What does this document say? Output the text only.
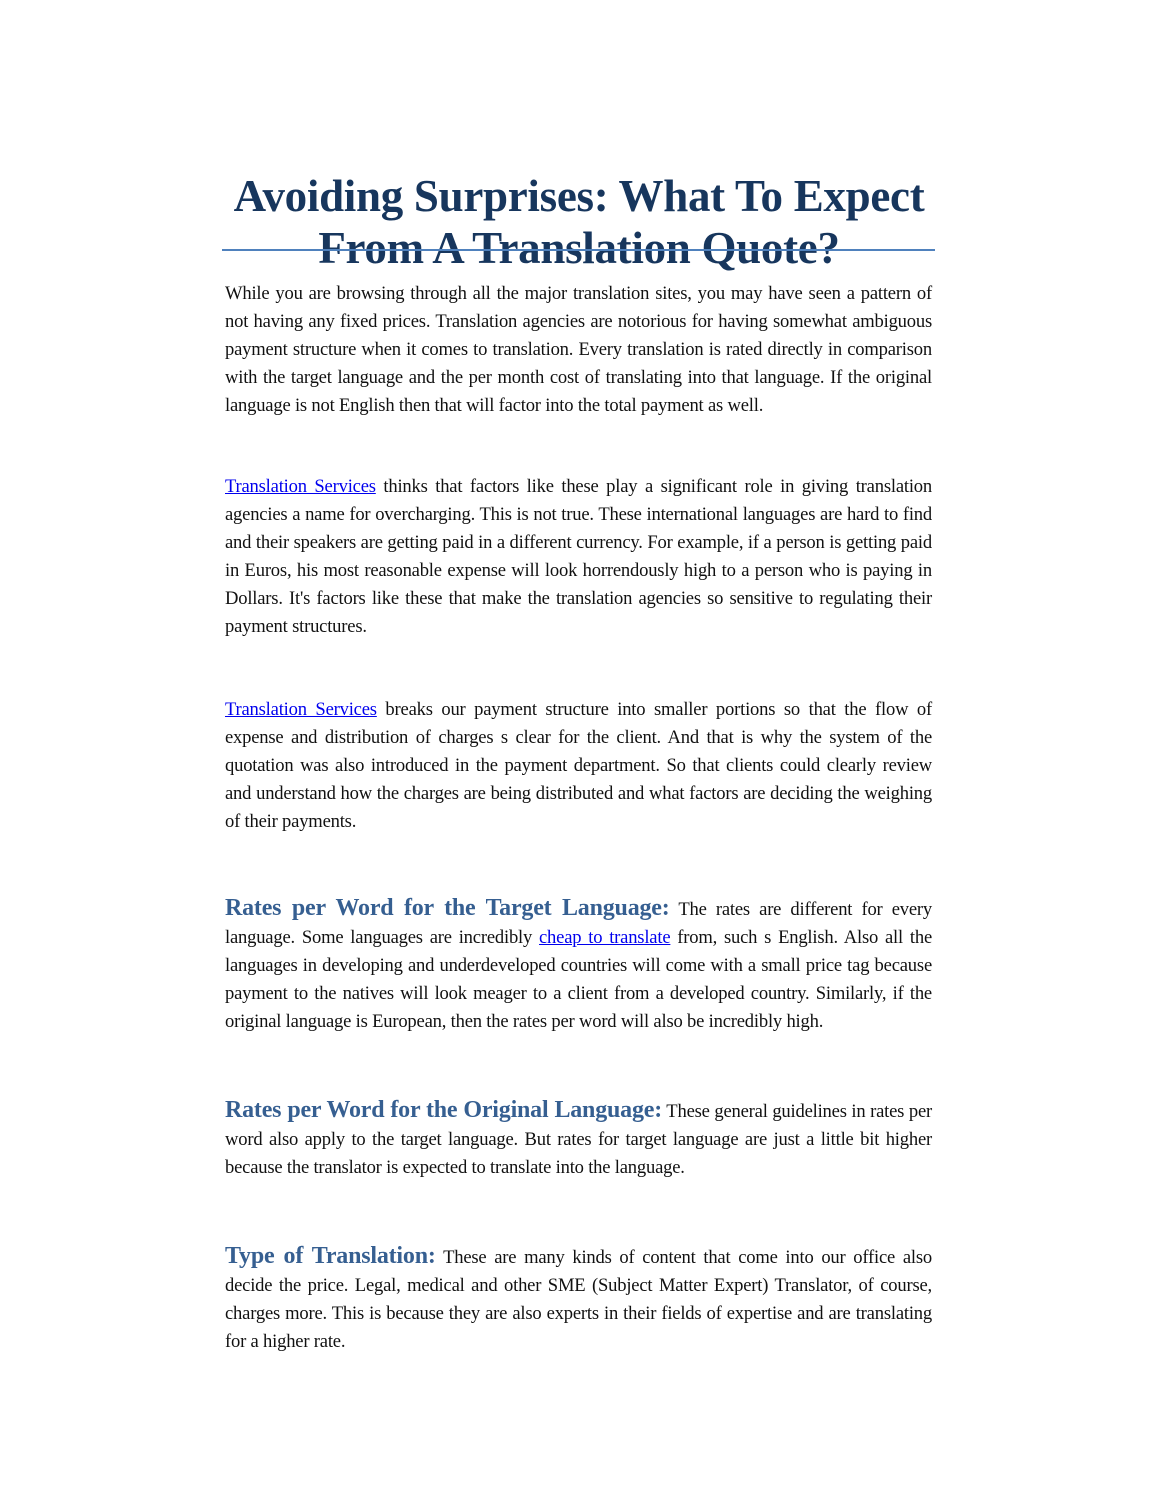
Avoiding Surprises: What To Expect From A Translation Quote?

While you are browsing through all the major translation sites, you may have seen a pattern of not having any fixed prices. Translation agencies are notorious for having somewhat ambiguous payment structure when it comes to translation. Every translation is rated directly in comparison with the target language and the per month cost of translating into that language. If the original language is not English then that will factor into the total payment as well.

Translation Services thinks that factors like these play a significant role in giving translation agencies a name for overcharging. This is not true. These international languages are hard to find and their speakers are getting paid in a different currency. For example, if a person is getting paid in Euros, his most reasonable expense will look horrendously high to a person who is paying in Dollars. It's factors like these that make the translation agencies so sensitive to regulating their payment structures.

Translation Services breaks our payment structure into smaller portions so that the flow of expense and distribution of charges s clear for the client. And that is why the system of the quotation was also introduced in the payment department. So that clients could clearly review and understand how the charges are being distributed and what factors are deciding the weighing of their payments.

Rates per Word for the Target Language: The rates are different for every language. Some languages are incredibly cheap to translate from, such s English. Also all the languages in developing and underdeveloped countries will come with a small price tag because payment to the natives will look meager to a client from a developed country. Similarly, if the original language is European, then the rates per word will also be incredibly high.

Rates per Word for the Original Language: These general guidelines in rates per word also apply to the target language. But rates for target language are just a little bit higher because the translator is expected to translate into the language.

Type of Translation: These are many kinds of content that come into our office also decide the price. Legal, medical and other SME (Subject Matter Expert) Translator, of course, charges more. This is because they are also experts in their fields of expertise and are translating for a higher rate.
